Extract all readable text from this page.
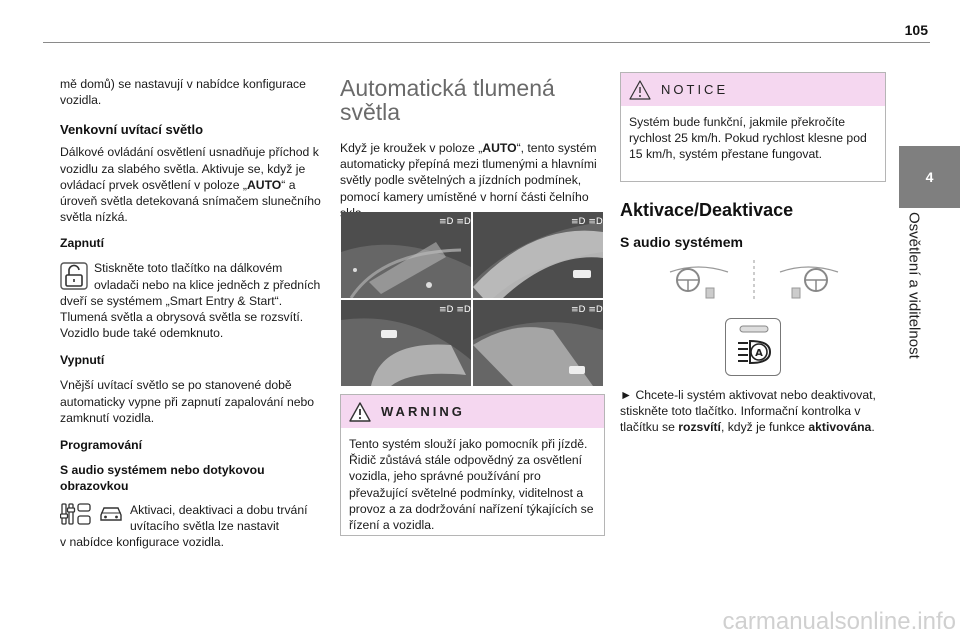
105
4
Osvětlení a viditelnost

mě domů) se nastavují v nabídce konfigurace vozidla.

Venkovní uvítací světlo

Dálkové ovládání osvětlení usnadňuje příchod k vozidlu za slabého světla. Aktivuje se, když je ovládací prvek osvětlení v poloze „AUTO“ a úroveň světla detekovaná snímačem slunečního světla nízká.

Zapnutí

Stiskněte toto tlačítko na dálkovém ovladači nebo na klice jedněch z předních

dveří se systémem „Smart Entry & Start“. Tlumená světla a obrysová světla se rozsvítí. Vozidlo bude také odemknuto.

Vypnutí

Vnější uvítací světlo se po stanovené době automaticky vypne při zapnutí zapalování nebo zamknutí vozidla.

Programování
S audio systémem nebo dotykovou obrazovkou

Aktivaci, deaktivaci a dobu trvání uvítacího světla lze nastavit

v nabídce konfigurace vozidla.

Automatická tlumená světla

Když je kroužek v poloze „AUTO“, tento systém automaticky přepíná mezi tlumenými a hlavními světly podle světelných a jízdních podmínek, pomocí kamery umístěné v horní části čelního

≡D ≡D	≡D ≡D
≡D ≡D	≡D ≡D
WARNING

Tento systém slouží jako pomocník při jízdě. Řidič zůstává stále odpovědný za osvětlení vozidla, jeho správné používání pro převažující světelné podmínky, viditelnost a provoz a za dodržování nařízení týkajících se řízení a vozidla.

NOTICE

Systém bude funkční, jakmile překročíte rychlost 25 km/h. Pokud rychlost klesne pod 15 km/h, systém přestane fungovat.

Aktivace/Deaktivace
S audio systémem
A

► Chcete-li systém aktivovat nebo deaktivovat, stiskněte toto tlačítko. Informační kontrolka v tlačítku se rozsvítí, když je funkce aktivována.

carmanualsonline.info
